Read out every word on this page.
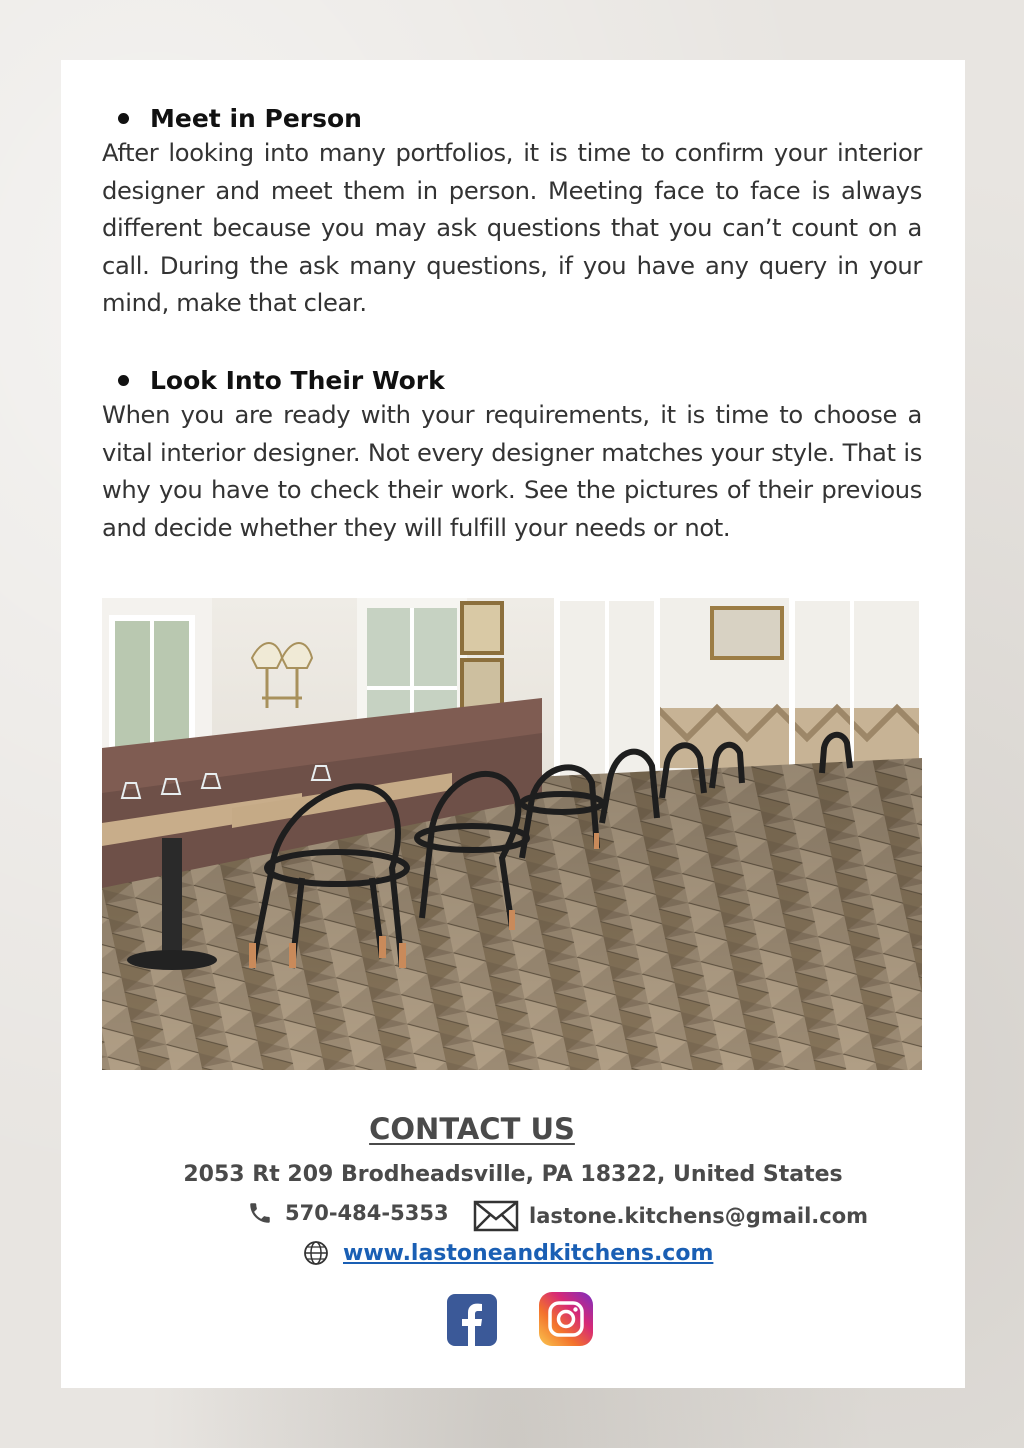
Meet in Person

After looking into many portfolios, it is time to confirm your interior designer and meet them in person. Meeting face to face is always different because you may ask questions that you can’t count on a call. During the ask many questions, if you have any query in your mind, make that clear.

Look Into Their Work

When you are ready with your requirements, it is time to choose a vital interior designer. Not every designer matches your style. That is why you have to check their work. See the pictures of their previous and decide whether they will fulfill your needs or not.

CONTACT US
2053 Rt 209 Brodheadsville, PA 18322, United States
570-484-5353	lastone.kitchens@gmail.com
www.lastoneandkitchens.com
